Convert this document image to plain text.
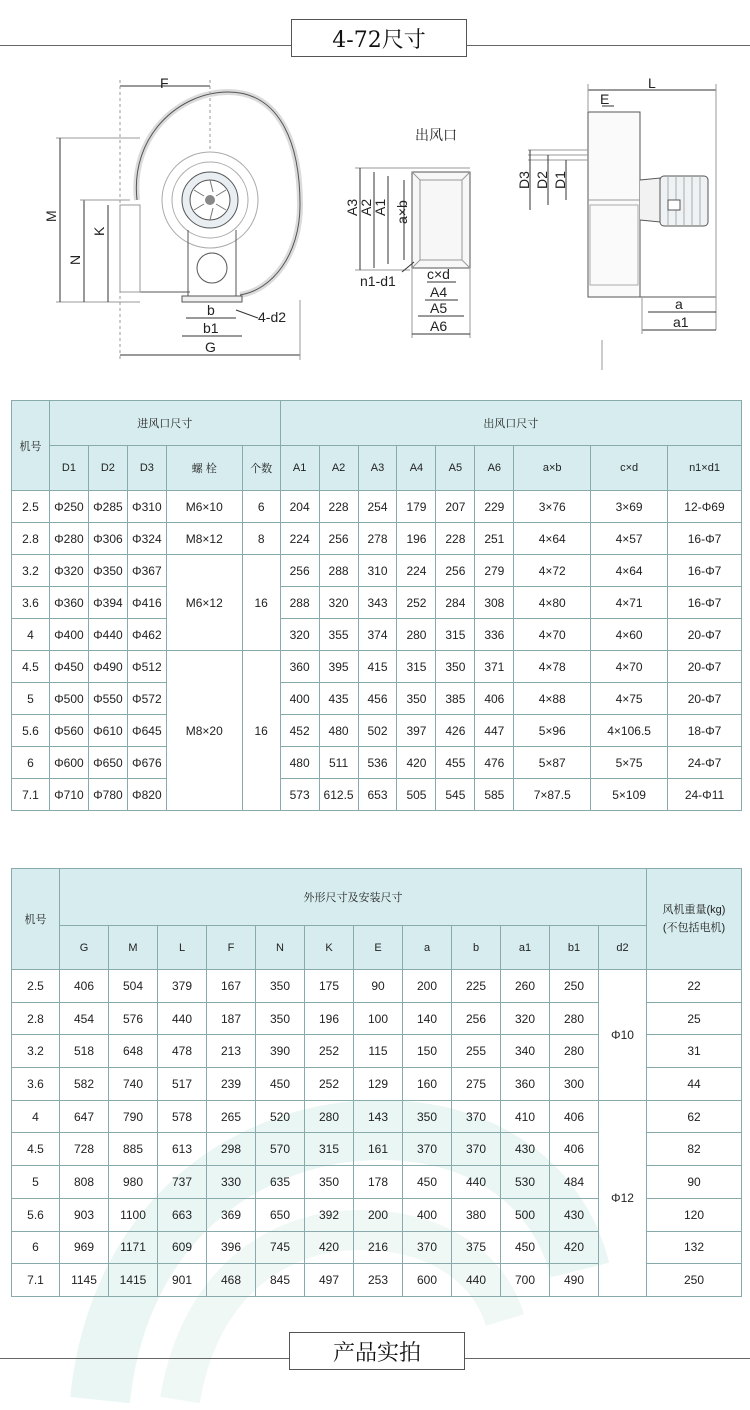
4-72尺寸
F
M
N
K
b
b1
G
4-d2
出风口
A3
A2
A1 a×b
n1-d1 c×d
A4
A5
A6
E
L
D3 D2 D1
a
a1
机号	进风口尺寸					出风口尺寸								
	D1	D2	D3	螺 栓	个数	A1	A2	A3	A4	A5	A6	a×b	c×d	n1×d1
2.5	Φ250	Φ285	Φ310	M6×10	6	204	228	254	179	207	229	3×76	3×69	12-Φ69
2.8	Φ280	Φ306	Φ324	M8×12	8	224	256	278	196	228	251	4×64	4×57	16-Φ7
3.2	Φ320	Φ350	Φ367	M6×12	16	256	288	310	224	256	279	4×72	4×64	16-Φ7
3.6	Φ360	Φ394	Φ416			288	320	343	252	284	308	4×80	4×71	16-Φ7
4	Φ400	Φ440	Φ462			320	355	374	280	315	336	4×70	4×60	20-Φ7
4.5	Φ450	Φ490	Φ512	M8×20	16	360	395	415	315	350	371	4×78	4×70	20-Φ7
5	Φ500	Φ550	Φ572			400	435	456	350	385	406	4×88	4×75	20-Φ7
5.6	Φ560	Φ610	Φ645			452	480	502	397	426	447	5×96	4×106.5	18-Φ7
6	Φ600	Φ650	Φ676			480	511	536	420	455	476	5×87	5×75	24-Φ7
7.1	Φ710	Φ780	Φ820			573	612.5	653	505	545	585	7×87.5	5×109	24-Φ11
机号	外形尺寸及安装尺寸												风机重量(kg)
(不包括电机)
	G	M	L	F	N	K	E	a	b	a1	b1	d2	
2.5	406	504	379	167	350	175	90	200	225	260	250	Φ10	22
2.8	454	576	440	187	350	196	100	140	256	320	280		25
3.2	518	648	478	213	390	252	115	150	255	340	280		31
3.6	582	740	517	239	450	252	129	160	275	360	300		44
4	647	790	578	265	520	280	143	350	370	410	406	Φ12	62
4.5	728	885	613	298	570	315	161	370	370	430	406		82
5	808	980	737	330	635	350	178	450	440	530	484		90
5.6	903	1100	663	369	650	392	200	400	380	500	430		120
6	969	1171	609	396	745	420	216	370	375	450	420		132
7.1	1145	1415	901	468	845	497	253	600	440	700	490		250
产品实拍
